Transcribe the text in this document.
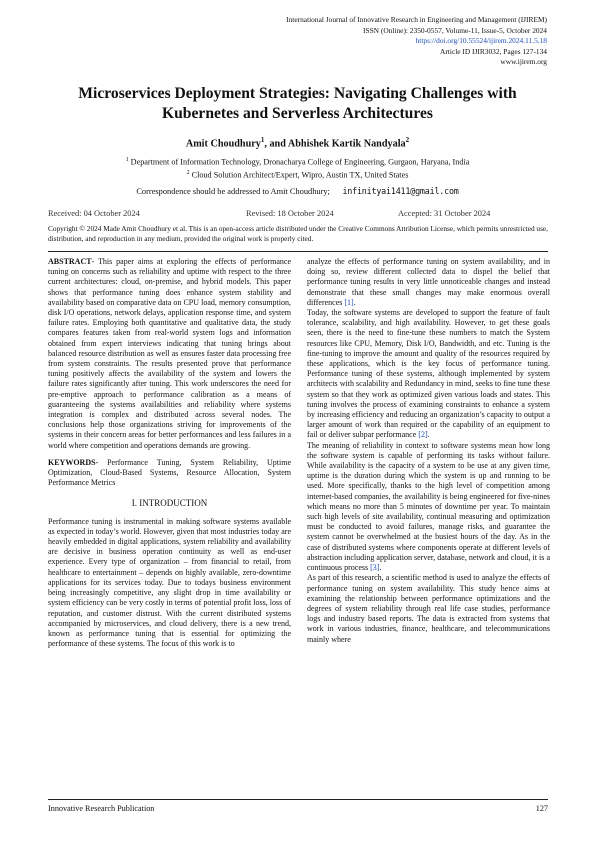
International Journal of Innovative Research in Engineering and Management (IJIREM)
ISSN (Online): 2350-0557, Volume-11, Issue-5, October 2024
https://doi.org/10.55524/ijirem.2024.11.5.18
Article ID IJIR3032, Pages 127-134
www.ijirem.org
Microservices Deployment Strategies: Navigating Challenges with Kubernetes and Serverless Architectures
Amit Choudhury$^1$, and Abhishek Kartik Nandyala$^2$
$^1$ Department of Information Technology, Dronacharya College of Engineering, Gurgaon, Haryana, India
$^2$ Cloud Solution Architect/Expert, Wipro, Austin TX, United States
Correspondence should be addressed to Amit Choudhury; infinityai1411@gmail.com
Received: 04 October 2024	Revised: 18 October 2024	Accepted: 31 October 2024
Copyright © 2024 Made Amit Choudhury et al. This is an open-access article distributed under the Creative Commons Attribution License, which permits unrestricted use, distribution, and reproduction in any medium, provided the original work is properly cited.

ABSTRACT- This paper aims at exploring the effects of performance tuning on concerns such as reliability and uptime with respect to the three current architectures: cloud, on-premise, and hybrid models. This paper shows that performance tuning does enhance system stability and availability based on comparative data on CPU load, memory consumption, disk I/O operations, network delays, application response time, and system failure rates. Employing both quantitative and qualitative data, the study compares features taken from real-world system logs and information obtained from expert interviews indicating that tuning brings about balanced resource distribution as well as ensures faster data processing free from system constraints. The results presented prove that performance tuning positively affects the availability of the system and lowers the failure rates significantly after tuning. This work underscores the need for pre-emptive approach to performance calibration as a means of guaranteeing the systems availabilities and reliability where systems integration is complex and distributed across several nodes. The conclusions help those organizations striving for improvements of the systems in their concern areas for better performances and less failures in a world where competition and operations demands are growing.

KEYWORDS- Performance Tuning, System Reliability, Uptime Optimization, Cloud-Based Systems, Resource Allocation, System Performance Metrics

I. INTRODUCTION

Performance tuning is instrumental in making software systems available as expected in today’s world. However, given that most industries today are heavily embedded in digital applications, system reliability and availability are decisive in business operation continuity as well as end-user experience. Every type of organization – from financial to retail, from healthcare to entertainment – depends on highly available, zero-downtime applications for its services today. Due to todays business environment being increasingly competitive, any slight drop in time availability or system efficiency can be very costly in terms of potential profit loss, loss of reputation, and customer distrust. With the current distributed systems accompanied by microservices, and cloud delivery, there is a new trend, known as performance tuning that is essential for optimizing the performance of these systems. The focus of this work is to

analyze the effects of performance tuning on system availability, and in doing so, review different collected data to dispel the belief that performance tuning results in very little unnoticeable changes and instead demonstrate that these small changes may make enormous overall differences [1].

Today, the software systems are developed to support the feature of fault tolerance, scalability, and high availability. However, to get these goals seen, there is the need to fine-tune these numbers to match the System resources like CPU, Memory, Disk I/O, Bandwidth, and etc. Tuning is the fine-tuning to improve the amount and quality of the resources required by these applications, which is the key focus of performance tuning. Performance tuning of these systems, although implemented by system architects with scalability and Redundancy in mind, seeks to fine tune these system so that they work as optimized given various loads and states. This tuning involves the process of examining constraints to enhance a system by increasing efficiency and reducing an organization’s capacity to output a larger amount of work than required or the capability of an equipment to fail or deliver subpar performance [2].

The meaning of reliability in context to software systems mean how long the software system is capable of performing its tasks without failure. While availability is the capacity of a system to be use at any given time, uptime is the duration during which the system is up and running to be used. More specifically, thanks to the high level of competition among internet-based companies, the availability is being engineered for five-nines which means no more than 5 minutes of downtime per year. To maintain such high levels of site availability, continual measuring and optimization must be conducted to avoid failures, manage risks, and guarantee the system cannot be overwhelmed at the busiest hours of the day. As in the case of distributed systems where components operate at different levels of abstraction including application server, database, network and cloud, it is a continuous process [3].

As part of this research, a scientific method is used to analyze the effects of performance tuning on system availability. This study hence aims at examining the relationship between performance optimizations and the degrees of system reliability through real life case studies, performance logs and industry based reports. The data is extracted from systems that work in various industries, finance, healthcare, and telecommunications mainly where

Innovative Research Publication	127
